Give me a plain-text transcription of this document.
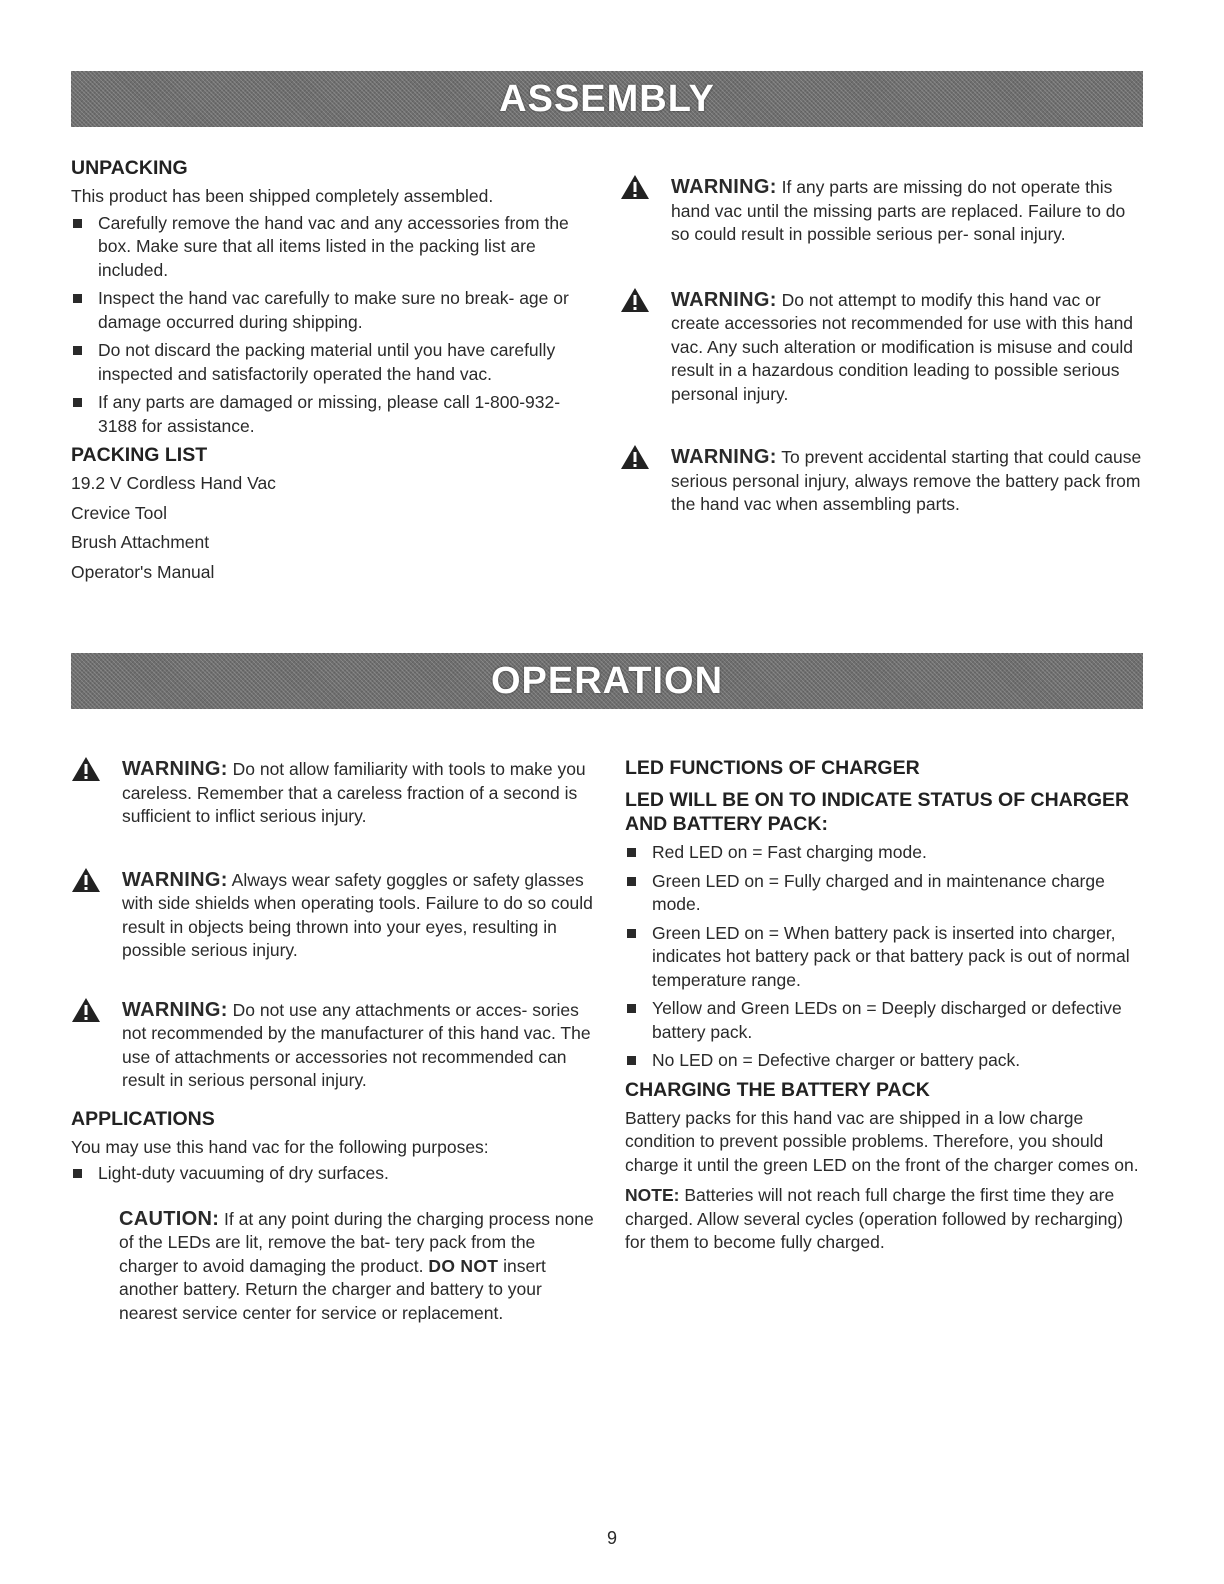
ASSEMBLY
UNPACKING

This product has been shipped completely assembled.

Carefully remove the hand vac and any accessories from the box. Make sure that all items listed in the packing list are included.
Inspect the hand vac carefully to make sure no break- age or damage occurred during shipping.
Do not discard the packing material until you have carefully inspected and satisfactorily operated the hand vac.
If any parts are damaged or missing, please call 1-800-932-3188 for assistance.
PACKING LIST

19.2 V Cordless Hand Vac

Crevice Tool

Brush Attachment

Operator's Manual

WARNING: If any parts are missing do not operate this hand vac until the missing parts are replaced. Failure to do so could result in possible serious per- sonal injury.
WARNING: Do not attempt to modify this hand vac or create accessories not recommended for use with this hand vac. Any such alteration or modification is misuse and could result in a hazardous condition leading to possible serious personal injury.
WARNING: To prevent accidental starting that could cause serious personal injury, always remove the battery pack from the hand vac when assembling parts.
OPERATION
WARNING: Do not allow familiarity with tools to make you careless. Remember that a careless fraction of a second is sufficient to inflict serious injury.
WARNING: Always wear safety goggles or safety glasses with side shields when operating tools. Failure to do so could result in objects being thrown into your eyes, resulting in possible serious injury.
WARNING: Do not use any attachments or acces- sories not recommended by the manufacturer of this hand vac. The use of attachments or accessories not recommended can result in serious personal injury.
APPLICATIONS

You may use this hand vac for the following purposes:

Light-duty vacuuming of dry surfaces.
CAUTION: If at any point during the charging process none of the LEDs are lit, remove the bat- tery pack from the charger to avoid damaging the product. DO NOT insert another battery. Return the charger and battery to your nearest service center for service or replacement.
LED FUNCTIONS OF CHARGER
LED WILL BE ON TO INDICATE STATUS OF CHARGER AND BATTERY PACK:
Red LED on = Fast charging mode.
Green LED on = Fully charged and in maintenance charge mode.
Green LED on = When battery pack is inserted into charger, indicates hot battery pack or that battery pack is out of normal temperature range.
Yellow and Green LEDs on = Deeply discharged or defective battery pack.
No LED on = Defective charger or battery pack.
CHARGING THE BATTERY PACK

Battery packs for this hand vac are shipped in a low charge condition to prevent possible problems. Therefore, you should charge it until the green LED on the front of the charger comes on.

NOTE: Batteries will not reach full charge the first time they are charged. Allow several cycles (operation followed by recharging) for them to become fully charged.

9
